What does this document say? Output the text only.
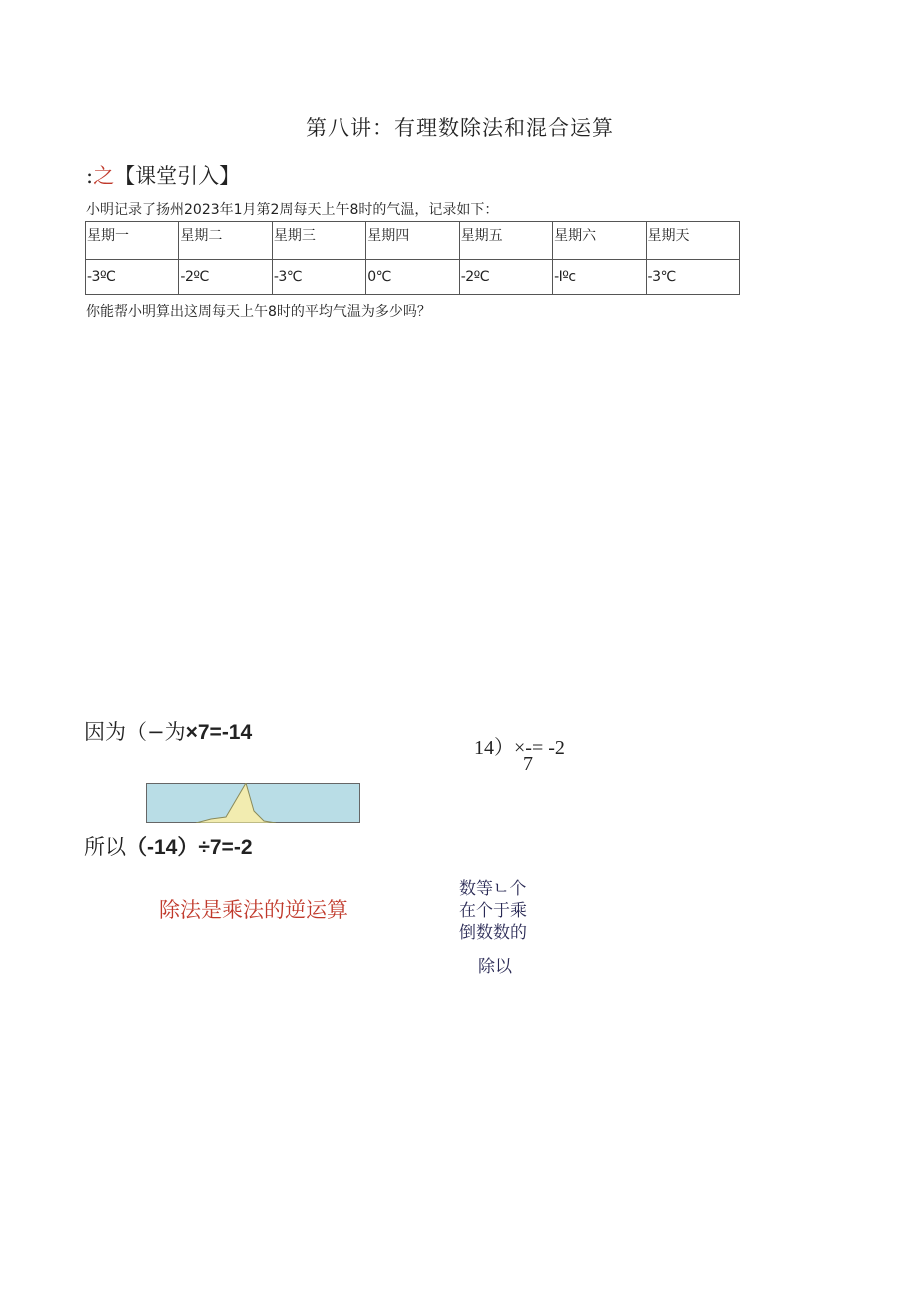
第八讲：有理数除法和混合运算
:之【课堂引入】
小明记录了扬州2023年1月第2周每天上午8时的气温，记录如下：
星期一	星期二	星期三	星期四	星期五	星期六	星期天
-3ºC	-2ºC	-3℃	0℃	-2ºC	-Iºc	-3℃
你能帮小明算出这周每天上午8时的平均气温为多少吗？
因为（−为×7=-14
14）×-= -2
7
所以（-14）÷7=-2
除法是乘法的逆运算
数等ㄴ个
在个于乘
倒数数的
除以
